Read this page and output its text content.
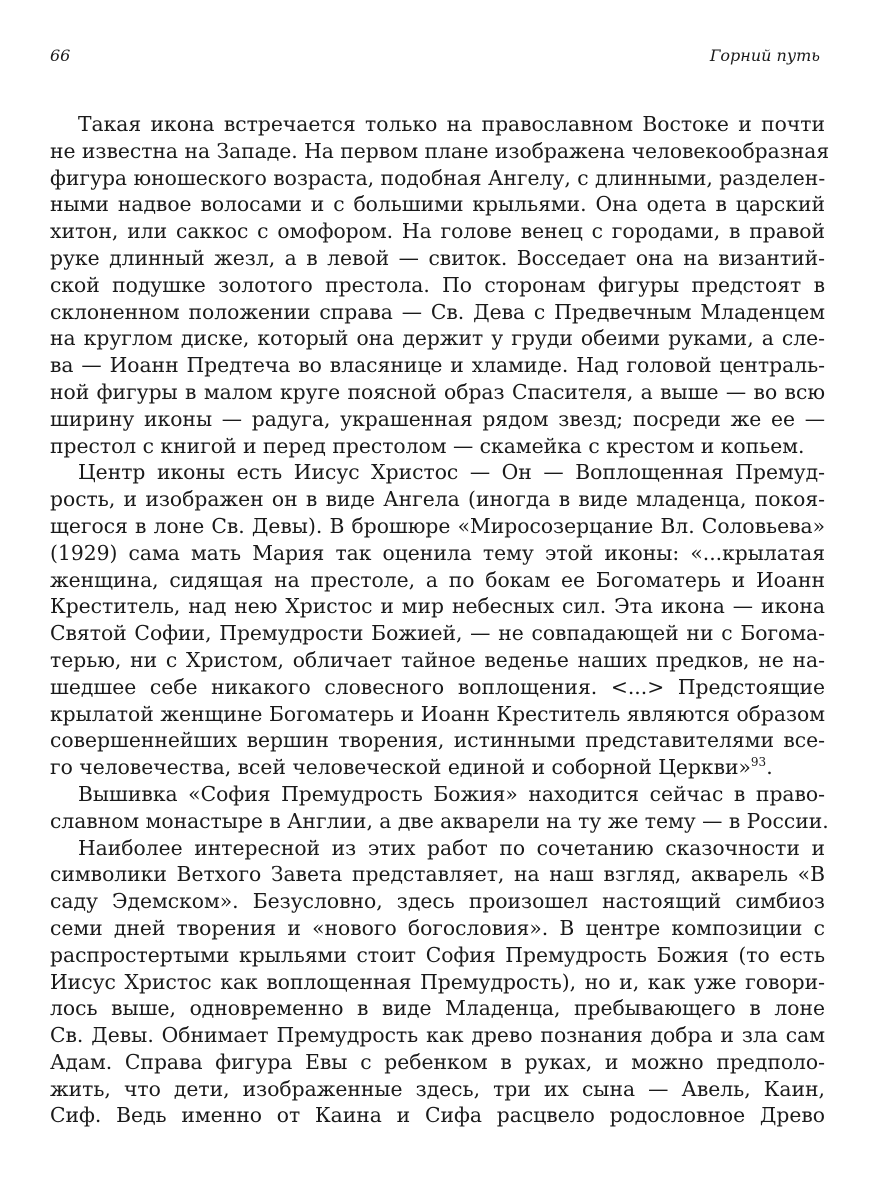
66	Горний путь
Такая икона встречается только на православном Востоке и почти
не известна на Западе. На первом плане изображена человекообразная
фигура юношеского возраста, подобная Ангелу, с длинными, разделен-
ными надвое волосами и с большими крыльями. Она одета в царский
хитон, или саккос с омофором. На голове венец с городами, в правой
руке длинный жезл, а в левой — свиток. Восседает она на византий-
ской подушке золотого престола. По сторонам фигуры предстоят в
склоненном положении справа — Св. Дева с Предвечным Младенцем
на круглом диске, который она держит у груди обеими руками, а сле-
ва — Иоанн Предтеча во власянице и хламиде. Над головой централь-
ной фигуры в малом круге поясной образ Спасителя, а выше — во всю
ширину иконы — радуга, украшенная рядом звезд; посреди же ее —
престол с книгой и перед престолом — скамейка с крестом и копьем.
Центр иконы есть Иисус Христос — Он — Воплощенная Премуд-
рость, и изображен он в виде Ангела (иногда в виде младенца, покоя-
щегося в лоне Св. Девы). В брошюре «Миросозерцание Вл. Соловьева»
(1929) сама мать Мария так оценила тему этой иконы: «...крылатая
женщина, сидящая на престоле, а по бокам ее Богоматерь и Иоанн
Креститель, над нею Христос и мир небесных сил. Эта икона — икона
Святой Софии, Премудрости Божией, — не совпадающей ни с Богома-
терью, ни с Христом, обличает тайное веденье наших предков, не на-
шедшее себе никакого словесного воплощения. <...> Предстоящие
крылатой женщине Богоматерь и Иоанн Креститель являются образом
совершеннейших вершин творения, истинными представителями все-
го человечества, всей человеческой единой и соборной Церкви»$^{93}$.
Вышивка «София Премудрость Божия» находится сейчас в право-
славном монастыре в Англии, а две акварели на ту же тему — в России.
Наиболее интересной из этих работ по сочетанию сказочности и
символики Ветхого Завета представляет, на наш взгляд, акварель «В
саду Эдемском». Безусловно, здесь произошел настоящий симбиоз
семи дней творения и «нового богословия». В центре композиции с
распростертыми крыльями стоит София Премудрость Божия (то есть
Иисус Христос как воплощенная Премудрость), но и, как уже говори-
лось выше, одновременно в виде Младенца, пребывающего в лоне
Св. Девы. Обнимает Премудрость как древо познания добра и зла сам
Адам. Справа фигура Евы с ребенком в руках, и можно предполо-
жить, что дети, изображенные здесь, три их сына — Авель, Каин,
Сиф. Ведь именно от Каина и Сифа расцвело родословное Древо
